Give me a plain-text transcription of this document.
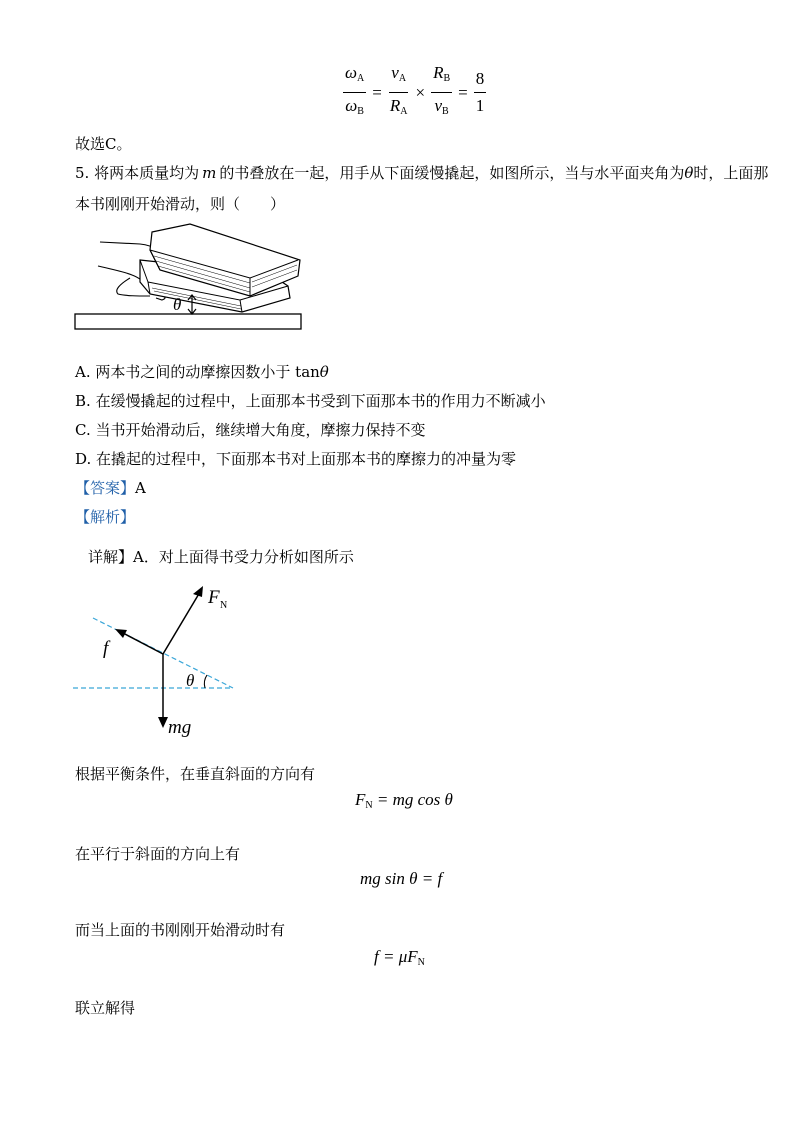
$\frac{\omega_A}{\omega_B} = \frac{v_A}{R_A} \times \frac{R_B}{v_B} = \frac{8}{1}$
故选C。
5. 将两本质量均为 m 的书叠放在一起，用手从下面缓慢撬起，如图所示，当与水平面夹角为θ时，上面那
本书刚刚开始滑动，则（　　）
θ
A. 两本书之间的动摩擦因数小于 tanθ
B. 在缓慢撬起的过程中，上面那本书受到下面那本书的作用力不断减小
C. 当书开始滑动后，继续增大角度，摩擦力保持不变
D. 在撬起的过程中，下面那本书对上面那本书的摩擦力的冲量为零
【答案】A
【解析】
详解】A．对上面得书受力分析如图所示
F N
f
θ
mg
根据平衡条件，在垂直斜面的方向有
$F_N$ = mg cos θ
在平行于斜面的方向上有
mg sin θ = f
而当上面的书刚刚开始滑动时有
$f = \mu F_N$
联立解得
